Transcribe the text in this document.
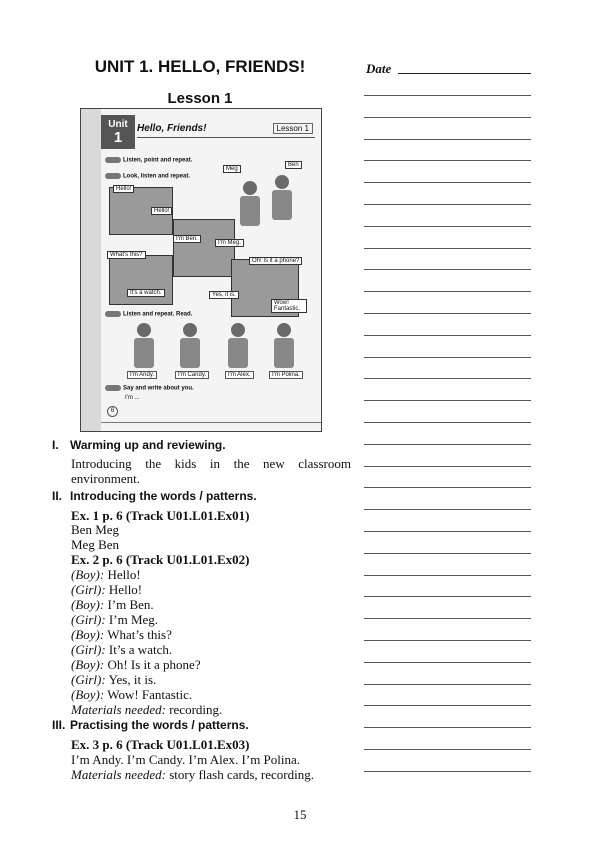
UNIT 1. HELLO, FRIENDS!
Lesson 1
Unit
1
Hello, Friends!	Lesson 1
Listen, point and repeat.
Look, listen and repeat.
Meg
Ben
Hello!
Hello!
I'm Ben.
I'm Meg.
What's this?
It's a watch.
Oh! Is it a phone?
Yes, it is.
Wow! Fantastic.
Listen and repeat. Read.
I'm Andy.	I'm Candy.	I'm Alex.	I'm Polina.
Say and write about you.
I'm ...
6
Date
I. Warming up and reviewing.
Introducing the kids in the new classroom environment.
II. Introducing the words / patterns.
Ex. 1 p. 6 (Track U01.L01.Ex01)
Ben Meg
Meg Ben
Ex. 2 p. 6 (Track U01.L01.Ex02)
(Boy): Hello!
(Girl): Hello!
(Boy): I’m Ben.
(Girl): I’m Meg.
(Boy): What’s this?
(Girl): It’s a watch.
(Boy): Oh! Is it a phone?
(Girl): Yes, it is.
(Boy): Wow! Fantastic.
Materials needed: recording.
III. Practising the words / patterns.
Ex. 3 p. 6 (Track U01.L01.Ex03)
I’m Andy. I’m Candy. I’m Alex. I’m Polina.
Materials needed: story flash cards, recording.
15
